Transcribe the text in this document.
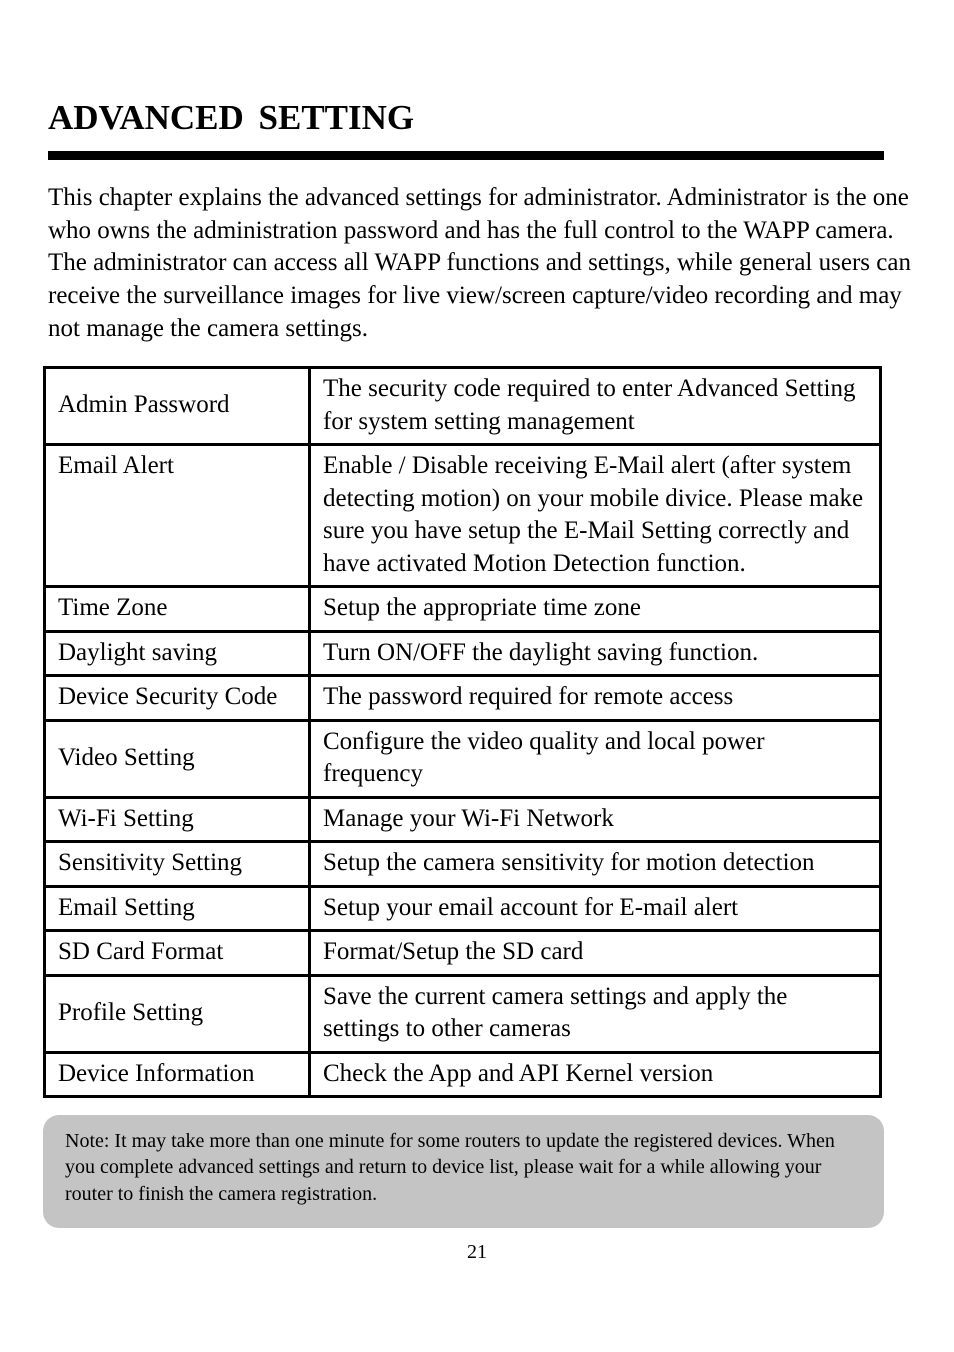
ADVANCED SETTING

This chapter explains the advanced settings for administrator. Administrator is the one who owns the administration password and has the full control to the WAPP camera. The administrator can access all WAPP functions and settings, while general users can receive the surveillance images for live view/screen capture/video recording and may not manage the camera settings.

Admin Password	The security code required to enter Advanced Setting for system setting management
Email Alert	Enable / Disable receiving E-Mail alert (after system detecting motion) on your mobile divice. Please make sure you have setup the E-Mail Setting correctly and have activated Motion Detection function.
Time Zone	Setup the appropriate time zone
Daylight saving	Turn ON/OFF the daylight saving function.
Device Security Code	The password required for remote access
Video Setting	Configure the video quality and local power frequency
Wi-Fi Setting	Manage your Wi-Fi Network
Sensitivity Setting	Setup the camera sensitivity for motion detection
Email Setting	Setup your email account for E-mail alert
SD Card Format	Format/Setup the SD card
Profile Setting	Save the current camera settings and apply the settings to other cameras
Device Information	Check the App and API Kernel version

Note: It may take more than one minute for some routers to update the registered devices. When you complete advanced settings and return to device list, please wait for a while allowing your router to finish the camera registration.

21
